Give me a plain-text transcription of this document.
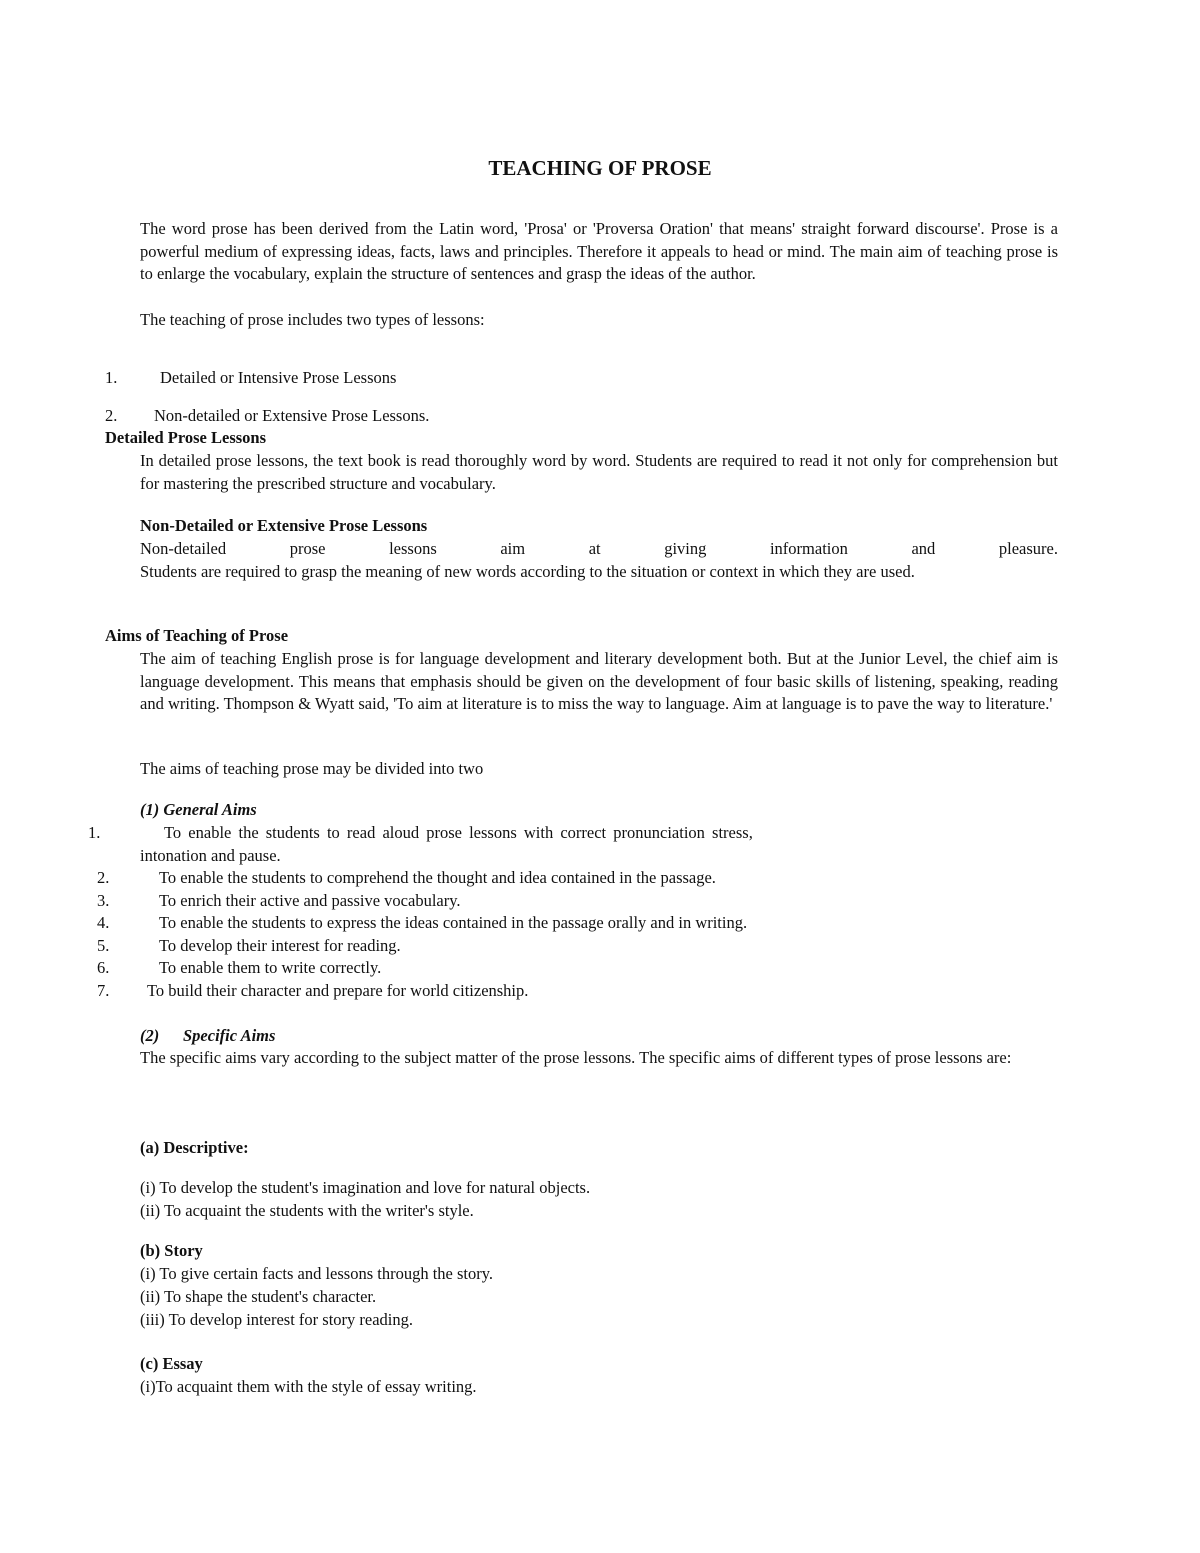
TEACHING OF PROSE
The word prose has been derived from the Latin word, 'Prosa' or 'Proversa Oration' that means' straight forward discourse'. Prose is a powerful medium of expressing ideas, facts, laws and principles. Therefore it appeals to head or mind. The main aim of teaching prose is to enlarge the vocabulary, explain the structure of sentences and grasp the ideas of the author.
The teaching of prose includes two types of lessons:
1.	Detailed or Intensive Prose Lessons
2. Non-detailed or Extensive Prose Lessons.
Detailed Prose Lessons
In detailed prose lessons, the text book is read thoroughly word by word. Students are required to read it not only for comprehension but for mastering the prescribed structure and vocabulary.
Non-Detailed or Extensive Prose Lessons
Non-detailed prose lessons aim at giving information and pleasure.
Students are required to grasp the meaning of new words according to the situation or context in which they are used.
Aims of Teaching of Prose
The aim of teaching English prose is for language development and literary development both. But at the Junior Level, the chief aim is language development. This means that emphasis should be given on the development of four basic skills of listening, speaking, reading and writing. Thompson & Wyatt said, 'To aim at literature is to miss the way to language. Aim at language is to pave the way to literature.'
The aims of teaching prose may be divided into two
(1) General Aims
1.	To enable the students to read aloud prose lessons with correct pronunciation stress,
intonation and pause.
2.	To enable the students to comprehend the thought and idea contained in the passage.
3.	To enrich their active and passive vocabulary.
4.	To enable the students to express the ideas contained in the passage orally and in writing.
5.	To develop their interest for reading.
6.	To enable them to write correctly.
7. To build their character and prepare for world citizenship.
(2) Specific Aims
The specific aims vary according to the subject matter of the prose lessons. The specific aims of different types of prose lessons are:
(a) Descriptive:
(i) To develop the student's imagination and love for natural objects.
(ii) To acquaint the students with the writer's style.
(b) Story
(i) To give certain facts and lessons through the story.
(ii) To shape the student's character.
(iii) To develop interest for story reading.
(c) Essay
(i)To acquaint them with the style of essay writing.
